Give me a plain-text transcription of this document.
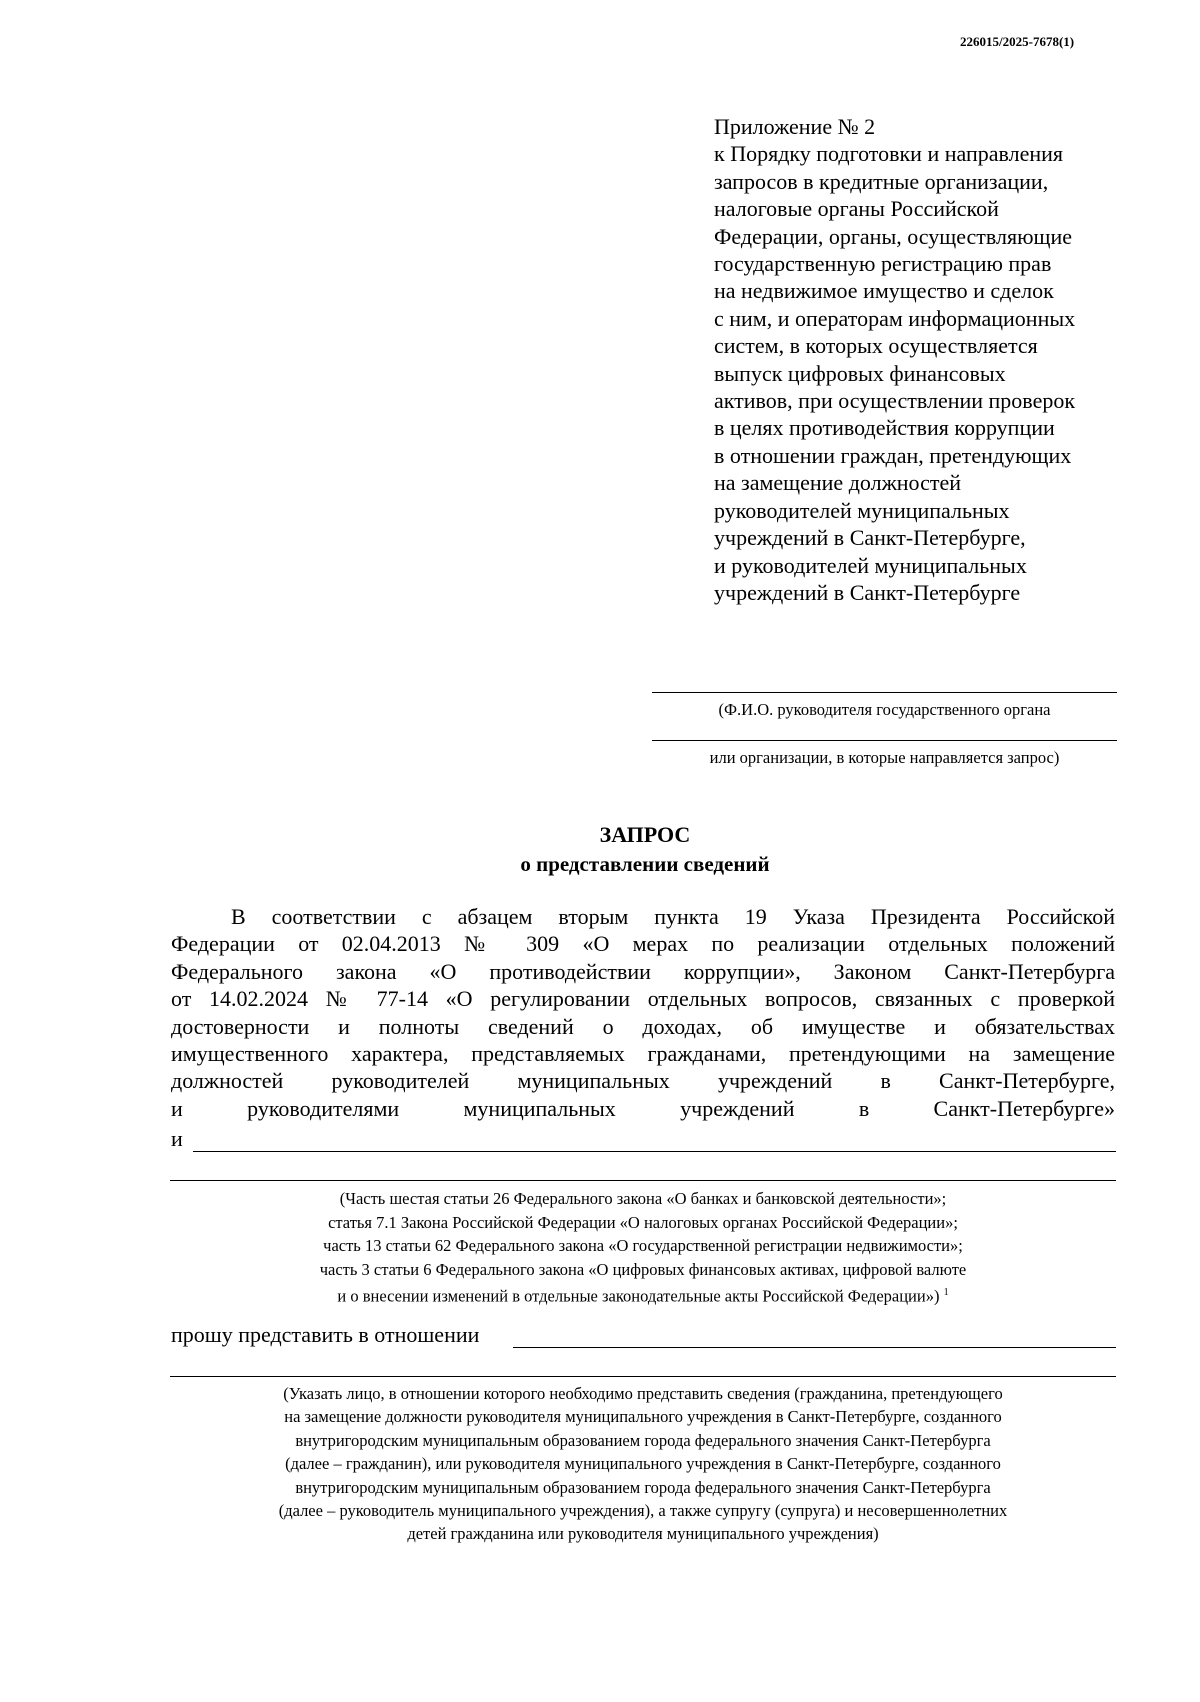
226015/2025-7678(1)
Приложение № 2
к Порядку подготовки и направления
запросов в кредитные организации,
налоговые органы Российской
Федерации, органы, осуществляющие
государственную регистрацию прав
на недвижимое имущество и сделок
с ним, и операторам информационных
систем, в которых осуществляется
выпуск цифровых финансовых
активов, при осуществлении проверок
в целях противодействия коррупции
в отношении граждан, претендующих
на замещение должностей
руководителей муниципальных
учреждений в Санкт-Петербурге,
и руководителей муниципальных
учреждений в Санкт-Петербурге
(Ф.И.О. руководителя государственного органа
или организации, в которые направляется запрос)
ЗАПРОС
о представлении сведений
В соответствии с абзацем вторым пункта 19 Указа Президента Российской
Федерации от 02.04.2013 № 309 «О мерах по реализации отдельных положений
Федерального закона «О противодействии коррупции», Законом Санкт-Петербурга
от 14.02.2024 № 77-14 «О регулировании отдельных вопросов, связанных с проверкой
достоверности и полноты сведений о доходах, об имуществе и обязательствах
имущественного характера, представляемых гражданами, претендующими на замещение
должностей руководителей муниципальных учреждений в Санкт-Петербурге,
и руководителями муниципальных учреждений в Санкт-Петербурге»
и
(Часть шестая статьи 26 Федерального закона «О банках и банковской деятельности»;
статья 7.1 Закона Российской Федерации «О налоговых органах Российской Федерации»;
часть 13 статьи 62 Федерального закона «О государственной регистрации недвижимости»;
часть 3 статьи 6 Федерального закона «О цифровых финансовых активах, цифровой валюте
и о внесении изменений в отдельные законодательные акты Российской Федерации») $^1$
прошу представить в отношении
(Указать лицо, в отношении которого необходимо представить сведения (гражданина, претендующего
на замещение должности руководителя муниципального учреждения в Санкт-Петербурге, созданного
внутригородским муниципальным образованием города федерального значения Санкт-Петербурга
(далее – гражданин), или руководителя муниципального учреждения в Санкт-Петербурге, созданного
внутригородским муниципальным образованием города федерального значения Санкт-Петербурга
(далее – руководитель муниципального учреждения), а также супругу (супруга) и несовершеннолетних
детей гражданина или руководителя муниципального учреждения)
